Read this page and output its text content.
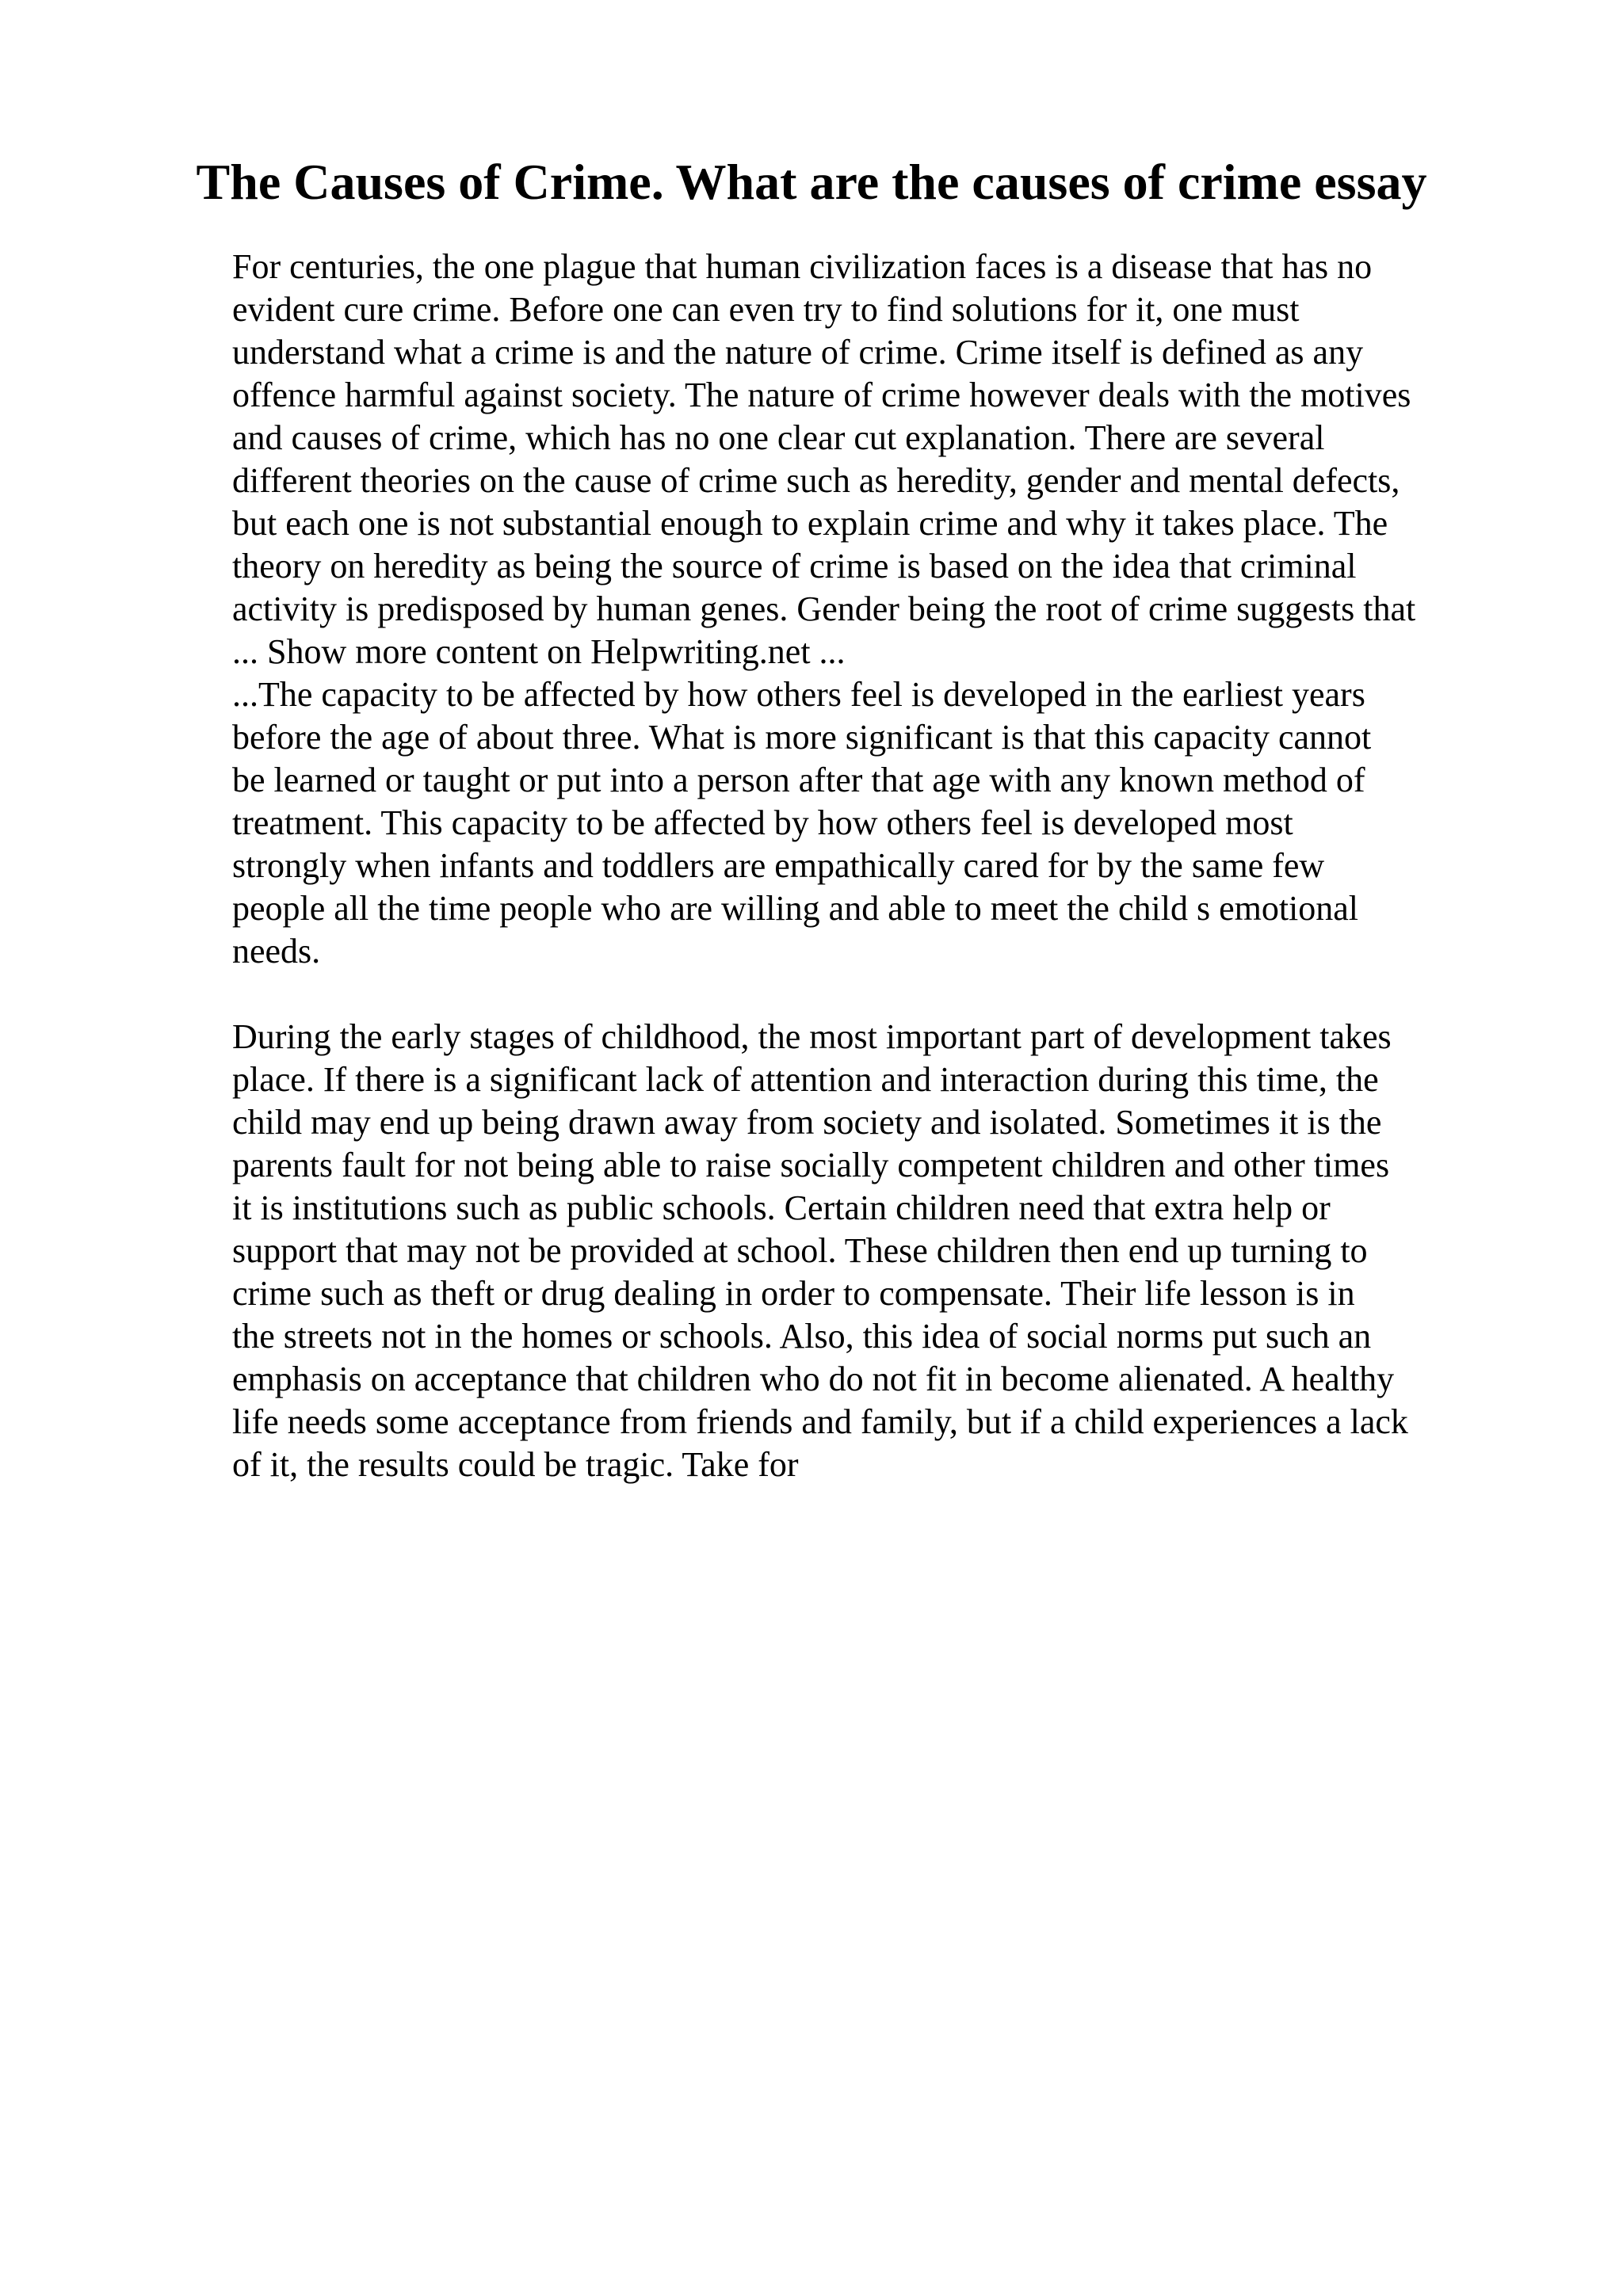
The Causes of Crime. What are the causes of crime essay
For centuries, the one plague that human civilization faces is a disease that has no
evident cure crime. Before one can even try to find solutions for it, one must
understand what a crime is and the nature of crime. Crime itself is defined as any
offence harmful against society. The nature of crime however deals with the motives
and causes of crime, which has no one clear cut explanation. There are several
different theories on the cause of crime such as heredity, gender and mental defects,
but each one is not substantial enough to explain crime and why it takes place. The
theory on heredity as being the source of crime is based on the idea that criminal
activity is predisposed by human genes. Gender being the root of crime suggests that
... Show more content on Helpwriting.net ...
...The capacity to be affected by how others feel is developed in the earliest years
before the age of about three. What is more significant is that this capacity cannot
be learned or taught or put into a person after that age with any known method of
treatment. This capacity to be affected by how others feel is developed most
strongly when infants and toddlers are empathically cared for by the same few
people all the time people who are willing and able to meet the child s emotional
needs.
During the early stages of childhood, the most important part of development takes
place. If there is a significant lack of attention and interaction during this time, the
child may end up being drawn away from society and isolated. Sometimes it is the
parents fault for not being able to raise socially competent children and other times
it is institutions such as public schools. Certain children need that extra help or
support that may not be provided at school. These children then end up turning to
crime such as theft or drug dealing in order to compensate. Their life lesson is in
the streets not in the homes or schools. Also, this idea of social norms put such an
emphasis on acceptance that children who do not fit in become alienated. A healthy
life needs some acceptance from friends and family, but if a child experiences a lack
of it, the results could be tragic. Take for
